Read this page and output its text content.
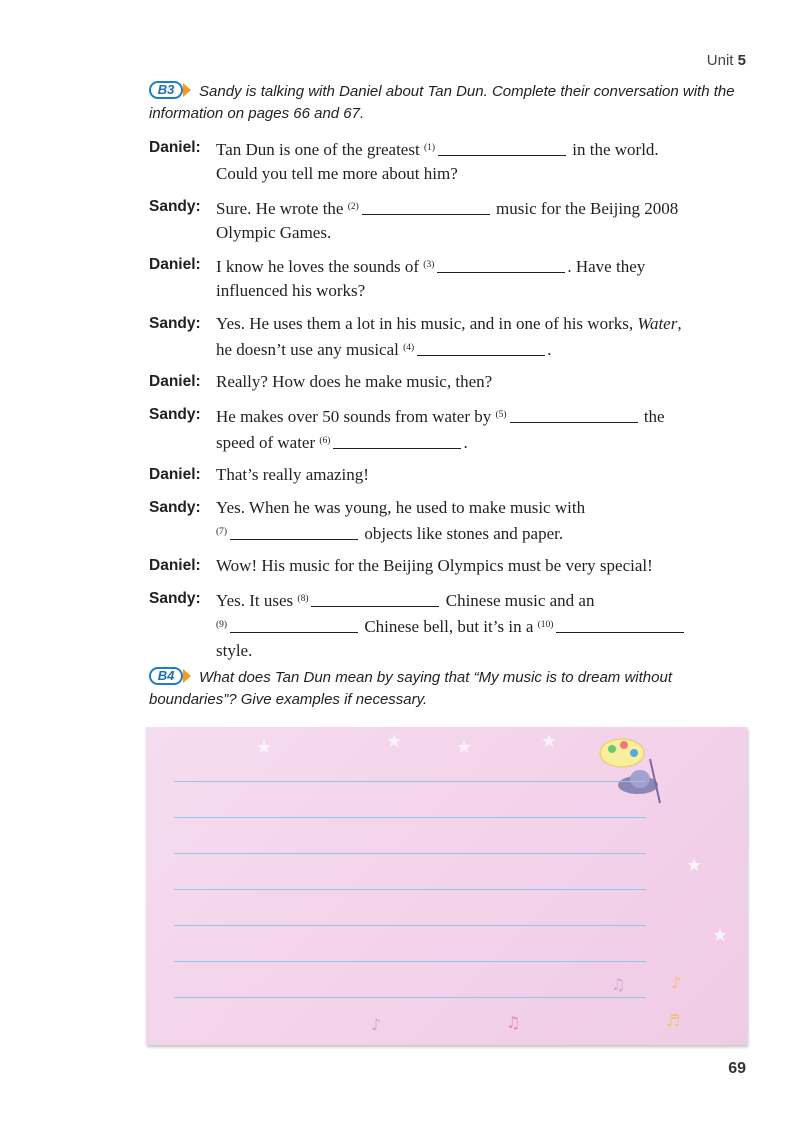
Unit 5
B3	Sandy is talking with Daniel about Tan Dun. Complete their conversation with the information on pages 66 and 67.
Daniel: Tan Dun is one of the greatest $^{(1)}$	in the world.
Could you tell me more about him?
Sandy: Sure. He wrote the $^{(2)}$	music for the Beijing 2008
Olympic Games.
Daniel: I know he loves the sounds of $^{(3)}$	. Have they
influenced his works?
Sandy: Yes. He uses them a lot in his music, and in one of his works, Water,
he doesn’t use any musical $^{(4)}$	.
Daniel: Really? How does he make music, then?
Sandy: He makes over 50 sounds from water by $^{(5)}$	the
speed of water $^{(6)}$	.
Daniel: That’s really amazing!
Sandy: Yes. When he was young, he used to make music with
$^{(7)}$	objects like stones and paper.
Daniel: Wow! His music for the Beijing Olympics must be very special!
Sandy: Yes. It uses $^{(8)}$	Chinese music and an
$^{(9)}$	Chinese bell, but it’s in a $^{(10)}$
style.
B4	What does Tan Dun mean by saying that “My music is to dream without boundaries”? Give examples if necessary.
★	★	★	★
★
★
♫	♪
♫
♪	♬
69
